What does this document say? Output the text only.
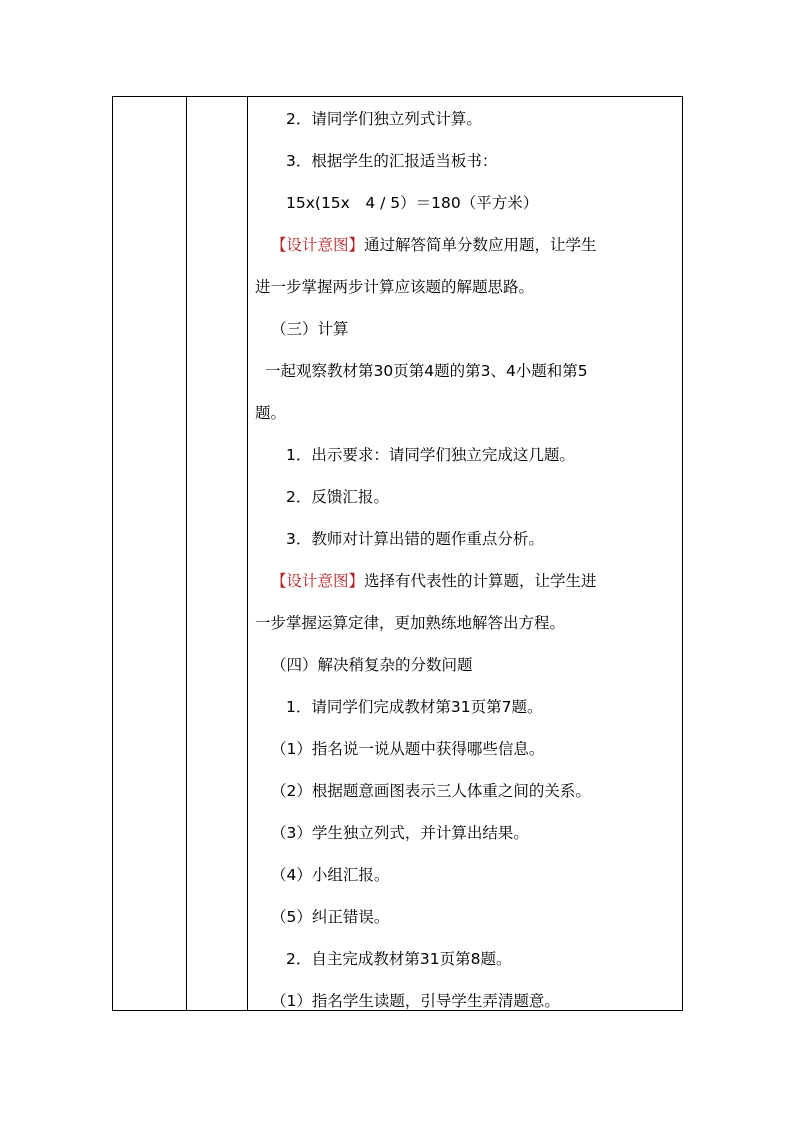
2．请同学们独立列式计算。
3．根据学生的汇报适当板书：
15x(15x　4 / 5）＝180（平方米）
【设计意图】通过解答简单分数应用题，让学生
进一步掌握两步计算应该题的解题思路。
（三）计算
一起观察教材第30页第4题的第3、4小题和第5
题。
1．出示要求：请同学们独立完成这几题。
2．反馈汇报。
3．教师对计算出错的题作重点分析。
【设计意图】选择有代表性的计算题，让学生进
一步掌握运算定律，更加熟练地解答出方程。
（四）解决稍复杂的分数问题
1．请同学们完成教材第31页第7题。
（1）指名说一说从题中获得哪些信息。
（2）根据题意画图表示三人体重之间的关系。
（3）学生独立列式，并计算出结果。
（4）小组汇报。
（5）纠正错误。
2．自主完成教材第31页第8题。
（1）指名学生读题，引导学生弄清题意。
